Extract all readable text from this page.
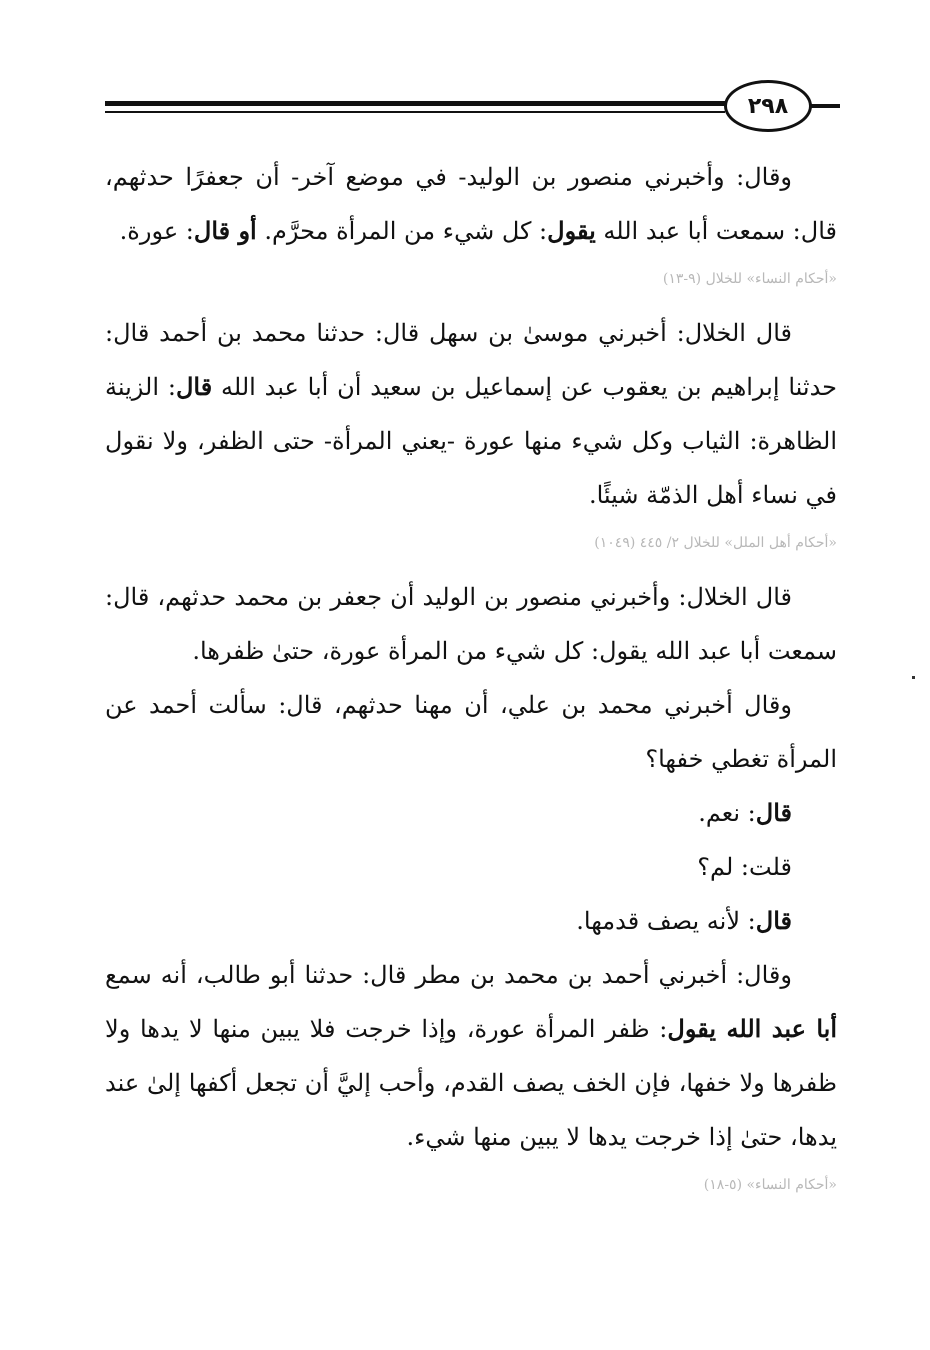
٢٩٨

وقال: وأخبرني منصور بن الوليد- في موضع آخر- أن جعفرًا حدثهم، قال: سمعت أبا عبد الله يقول: كل شيء من المرأة محرَّم. أو قال: عورة.

«أحكام النساء» للخلال (٩-١٣)

قال الخلال: أخبرني موسىٰ بن سهل قال: حدثنا محمد بن أحمد قال: حدثنا إبراهيم بن يعقوب عن إسماعيل بن سعيد أن أبا عبد الله قال: الزينة الظاهرة: الثياب وكل شيء منها عورة -يعني المرأة- حتى الظفر، ولا نقول في نساء أهل الذمّة شيئًا.

«أحكام أهل الملل» للخلال ٢/ ٤٤٥ (١٠٤٩)

قال الخلال: وأخبرني منصور بن الوليد أن جعفر بن محمد حدثهم، قال: سمعت أبا عبد الله يقول: كل شيء من المرأة عورة، حتىٰ ظفرها.

وقال أخبرني محمد بن علي، أن مهنا حدثهم، قال: سألت أحمد عن المرأة تغطي خفها؟

قال: نعم.

قلت: لم؟

قال: لأنه يصف قدمها.

وقال: أخبرني أحمد بن محمد بن مطر قال: حدثنا أبو طالب، أنه سمع أبا عبد الله يقول: ظفر المرأة عورة، وإذا خرجت فلا يبين منها لا يدها ولا ظفرها ولا خفها، فإن الخف يصف القدم، وأحب إليَّ أن تجعل أكفها إلىٰ عند يدها، حتىٰ إذا خرجت يدها لا يبين منها شيء.

«أحكام النساء» (٥-١٨)
